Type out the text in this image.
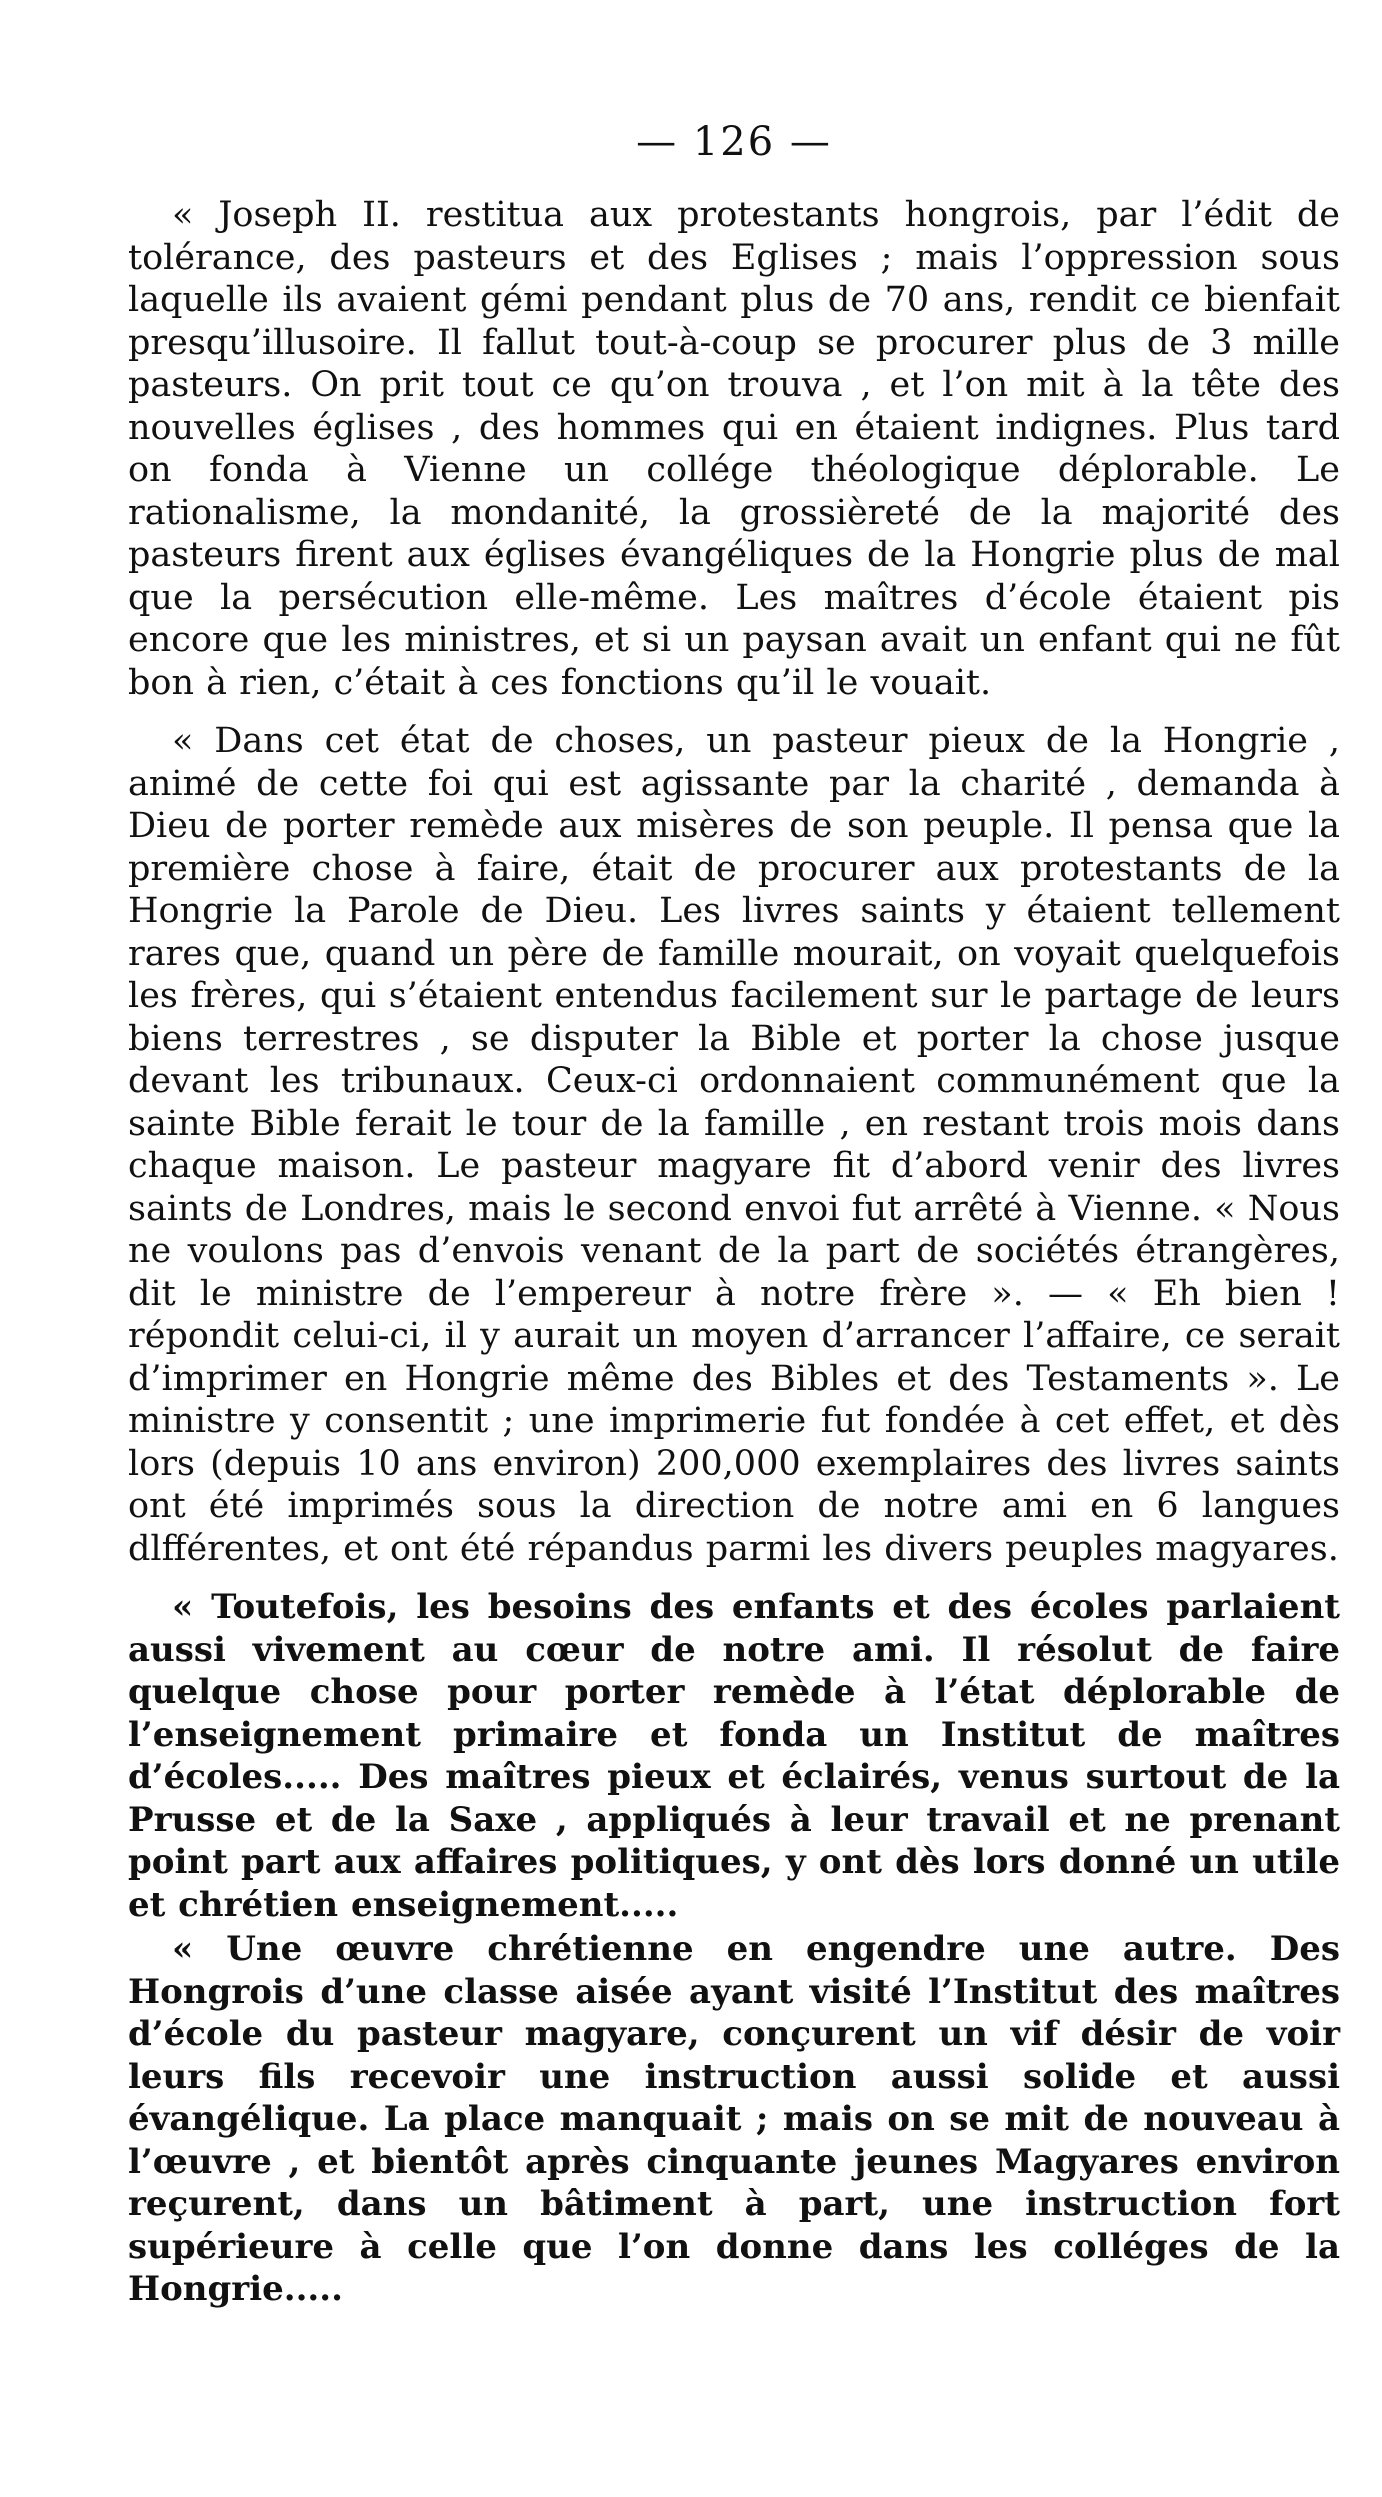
— 126 —

« Joseph II. restitua aux protestants hongrois, par l’édit de tolérance, des pasteurs et des Eglises ; mais l’oppression sous laquelle ils avaient gémi pendant plus de 70 ans, rendit ce bienfait presqu’illusoire. Il fallut tout-à-coup se procurer plus de 3 mille pasteurs. On prit tout ce qu’on trouva , et l’on mit à la tête des nouvelles églises , des hommes qui en étaient indignes. Plus tard on fonda à Vienne un collége théologique déplorable. Le rationalisme, la mondanité, la grossièreté de la majorité des pasteurs firent aux églises évangéliques de la Hongrie plus de mal que la persécution elle-même. Les maîtres d’école étaient pis encore que les ministres, et si un paysan avait un enfant qui ne fût bon à rien, c’était à ces fonctions qu’il le vouait.

« Dans cet état de choses, un pasteur pieux de la Hongrie , animé de cette foi qui est agissante par la charité , demanda à Dieu de porter remède aux misères de son peuple. Il pensa que la première chose à faire, était de procurer aux protestants de la Hongrie la Parole de Dieu. Les livres saints y étaient tellement rares que, quand un père de famille mourait, on voyait quelquefois les frères, qui s’étaient entendus facilement sur le partage de leurs biens terrestres , se disputer la Bible et porter la chose jusque devant les tribunaux. Ceux-ci ordonnaient communément que la sainte Bible ferait le tour de la famille , en restant trois mois dans chaque maison. Le pasteur magyare fit d’abord venir des livres saints de Londres, mais le second envoi fut arrêté à Vienne. « Nous ne voulons pas d’envois venant de la part de sociétés étrangères, dit le ministre de l’empereur à notre frère ». — « Eh bien ! répondit celui-ci, il y aurait un moyen d’arrancer l’affaire, ce serait d’imprimer en Hongrie même des Bibles et des Testaments ». Le ministre y consentit ; une imprimerie fut fondée à cet effet, et dès lors (depuis 10 ans environ) 200,000 exemplaires des livres saints ont été imprimés sous la direction de notre ami en 6 langues dlfférentes, et ont été répandus parmi les divers peuples magyares.

« Toutefois, les besoins des enfants et des écoles parlaient aussi vivement au cœur de notre ami. Il résolut de faire quelque chose pour porter remède à l’état déplorable de l’enseignement primaire et fonda un Institut de maîtres d’écoles..... Des maîtres pieux et éclairés, venus surtout de la Prusse et de la Saxe , appliqués à leur travail et ne prenant point part aux affaires politiques, y ont dès lors donné un utile et chrétien enseignement.....

« Une œuvre chrétienne en engendre une autre. Des Hongrois d’une classe aisée ayant visité l’Institut des maîtres d’école du pasteur magyare, conçurent un vif désir de voir leurs fils recevoir une instruction aussi solide et aussi évangélique. La place manquait ; mais on se mit de nouveau à l’œuvre , et bientôt après cinquante jeunes Magyares environ reçurent, dans un bâtiment à part, une instruction fort supérieure à celle que l’on donne dans les colléges de la Hongrie.....
